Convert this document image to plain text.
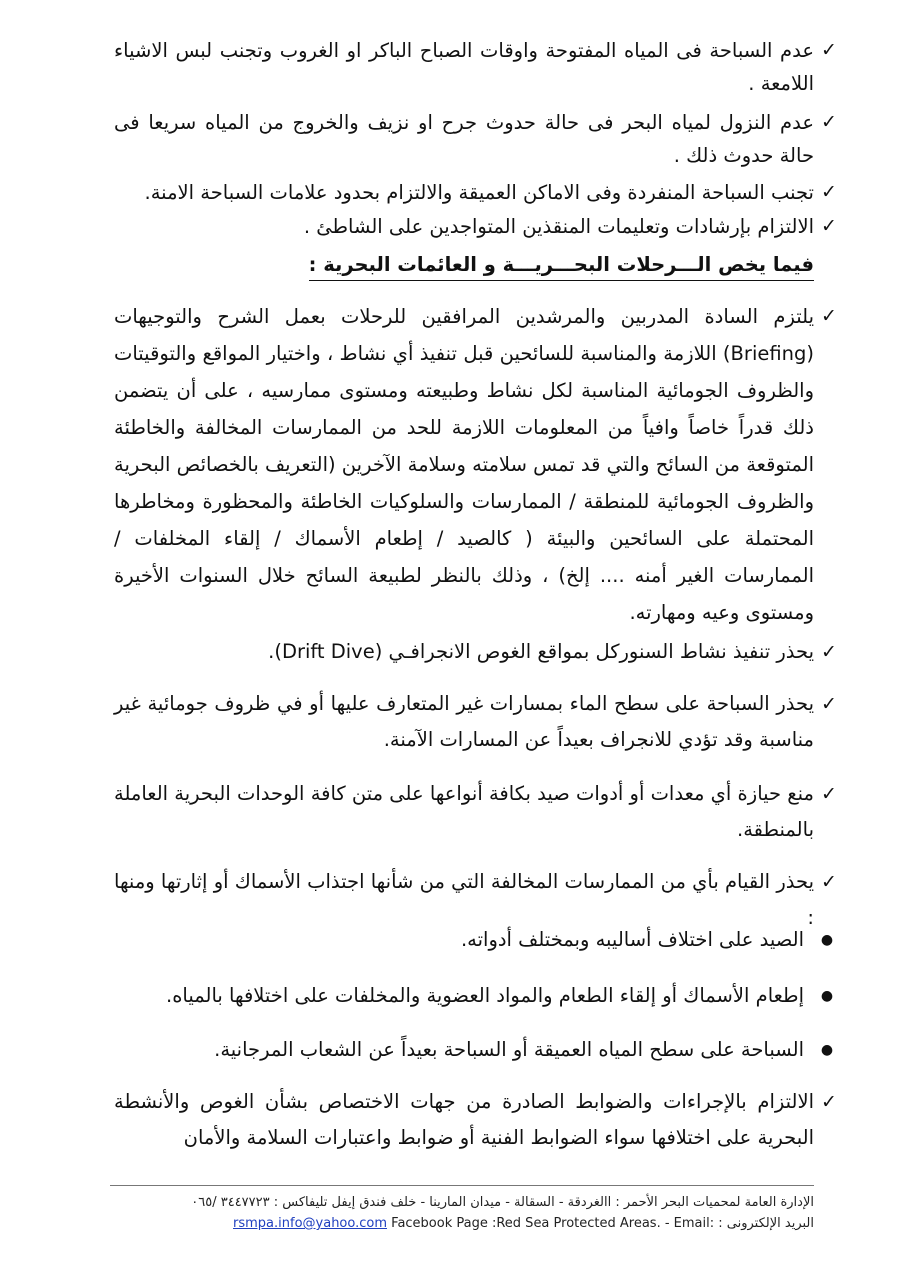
✓
عدم السباحة فى المياه المفتوحة واوقات الصباح الباكر او الغروب وتجنب لبس الاشياء اللامعة .
✓
عدم النزول لمياه البحر فى حالة حدوث جرح او نزيف والخروج من المياه سريعا فى حالة حدوث ذلك .
✓
تجنب السباحة المنفردة وفى الاماكن العميقة والالتزام بحدود علامات السباحة الامنة.
✓
الالتزام بإرشادات وتعليمات المنقذين المتواجدين على الشاطئ .
فيما يخص الـــرحلات البحـــريـــة و العائمات البحرية :
✓
يلتزم السادة المدربين والمرشدين المرافقين للرحلات بعمل الشرح والتوجيهات (Briefing) اللازمة والمناسبة للسائحين قبل تنفيذ أي نشاط ، واختيار المواقع والتوقيتات والظروف الجومائية المناسبة لكل نشاط وطبيعته ومستوى ممارسيه ، على أن يتضمن ذلك قدراً خاصاً وافياً من المعلومات اللازمة للحد من الممارسات المخالفة والخاطئة المتوقعة من السائح والتي قد تمس سلامته وسلامة الآخرين (التعريف بالخصائص البحرية والظروف الجومائية للمنطقة / الممارسات والسلوكيات الخاطئة والمحظورة ومخاطرها المحتملة على السائحين والبيئة ( كالصيد / إطعام الأسماك / إلقاء المخلفات / الممارسات الغير أمنه .... إلخ) ، وذلك بالنظر لطبيعة السائح خلال السنوات الأخيرة ومستوى وعيه ومهارته.
✓
يحذر تنفيذ نشاط السنوركل بمواقع الغوص الانجرافـي (Drift Dive).
✓
يحذر السباحة على سطح الماء بمسارات غير المتعارف عليها أو في ظروف جومائية غير مناسبة وقد تؤدي للانجراف بعيداً عن المسارات الآمنة.
✓
منع حيازة أي معدات أو أدوات صيد بكافة أنواعها على متن كافة الوحدات البحرية العاملة بالمنطقة.
✓
يحذر القيام بأي من الممارسات المخالفة التي من شأنها اجتذاب الأسماك أو إثارتها ومنها :
●
الصيد على اختلاف أساليبه وبمختلف أدواته.
●
إطعام الأسماك أو إلقاء الطعام والمواد العضوية والمخلفات على اختلافها بالمياه.
●
السباحة على سطح المياه العميقة أو السباحة بعيداً عن الشعاب المرجانية.
✓
الالتزام بالإجراءات والضوابط الصادرة من جهات الاختصاص بشأن الغوص والأنشطة البحرية على اختلافها سواء الضوابط الفنية أو ضوابط واعتبارات السلامة والأمان
الإدارة العامة لمحميات البحر الأحمر : االغردقة - السقالة - ميدان المارينا - خلف فندق إيفل تليفاكس : ٣٤٤٧٧٢٣ /٠٦٥
البريد الإلكترونى : rsmpa.info@yahoo.com Facebook Page :Red Sea Protected Areas. - Email:
